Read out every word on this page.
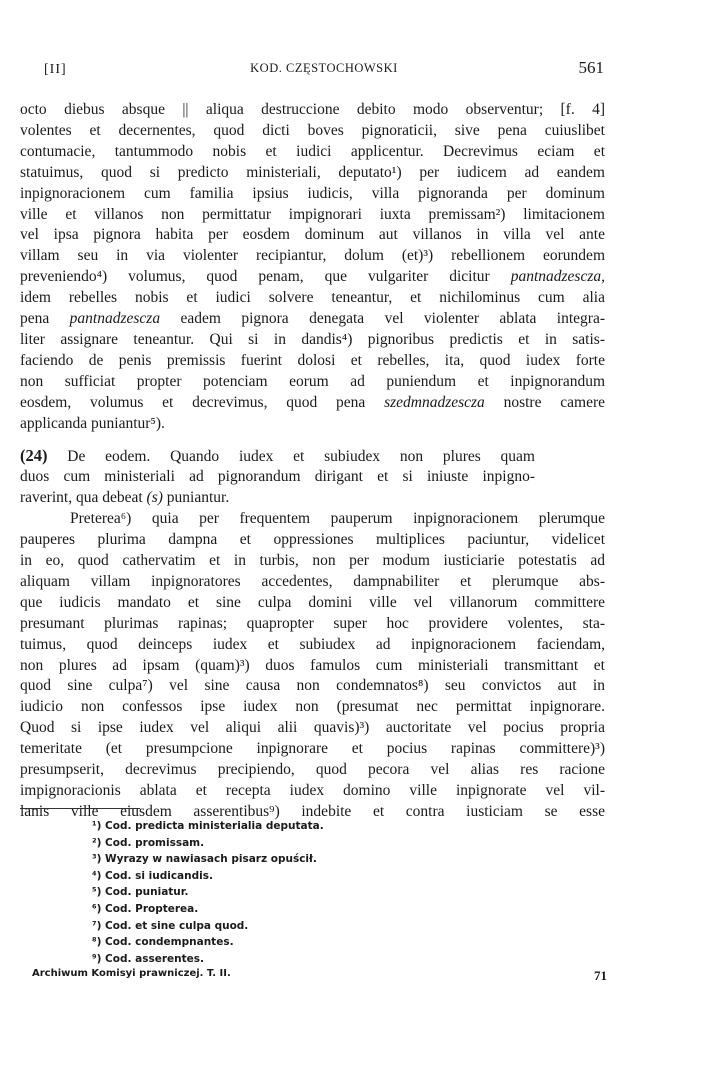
[II]	KOD. CZĘSTOCHOWSKI	561

octo diebus absque || aliqua destruccione debito modo observentur; [f. 4]
volentes et decernentes, quod dicti boves pignoraticii, sive pena cuiuslibet
contumacie, tantummodo nobis et iudici applicentur. Decrevimus eciam et
statuimus, quod si predicto ministeriali, deputato¹) per iudicem ad eandem
inpignoracionem cum familia ipsius iudicis, villa pignoranda per dominum
ville et villanos non permittatur impignorari iuxta premissam²) limitacionem
vel ipsa pignora habita per eosdem dominum aut villanos in villa vel ante
villam seu in via violenter recipiantur, dolum (et)³) rebellionem eorundem
preveniendo⁴) volumus, quod penam, que vulgariter dicitur pantnadzescza,
idem rebelles nobis et iudici solvere teneantur, et nichilominus cum alia
pena pantnadzescza eadem pignora denegata vel violenter ablata integra-
liter assignare teneantur. Qui si in dandis⁴) pignoribus predictis et in satis-
faciendo de penis premissis fuerint dolosi et rebelles, ita, quod iudex forte
non sufficiat propter potenciam eorum ad puniendum et inpignorandum
eosdem, volumus et decrevimus, quod pena szedmnadzescza nostre camere
applicanda puniantur⁵).

(24) De eodem. Quando iudex et subiudex non plures quam
duos cum ministeriali ad pignorandum dirigant et si iniuste inpigno-
raverint, qua debeat (s) puniantur.

Preterea⁶) quia per frequentem pauperum inpignoracionem plerumque
pauperes plurima dampna et oppressiones multiplices paciuntur, videlicet
in eo, quod cathervatim et in turbis, non per modum iusticiarie potestatis ad
aliquam villam inpignoratores accedentes, dampnabiliter et plerumque abs-
que iudicis mandato et sine culpa domini ville vel villanorum committere
presumant plurimas rapinas; quapropter super hoc providere volentes, sta-
tuimus, quod deinceps iudex et subiudex ad inpignoracionem faciendam,
non plures ad ipsam (quam)³) duos famulos cum ministeriali transmittant et
quod sine culpa⁷) vel sine causa non condemnatos⁸) seu convictos aut in
iudicio non confessos ipse iudex non (presumat nec permittat inpignorare.
Quod si ipse iudex vel aliqui alii quavis)³) auctoritate vel pocius propria
temeritate (et presumpcione inpignorare et pocius rapinas committere)³)
presumpserit, decrevimus precipiendo, quod pecora vel alias res racione
impignoracionis ablata et recepta iudex domino ville inpignorate vel vil-
lanis ville eiusdem asserentibus⁹) indebite et contra iusticiam se esse

¹) Cod. predicta ministerialia deputata.
²) Cod. promissam.
³) Wyrazy w nawiasach pisarz opuścił.
⁴) Cod. si iudicandis.
⁵) Cod. puniatur.
⁶) Cod. Propterea.
⁷) Cod. et sine culpa quod.
⁸) Cod. condempnantes.
⁹) Cod. asserentes.
Archiwum Komisyi prawniczej. T. II.	71
